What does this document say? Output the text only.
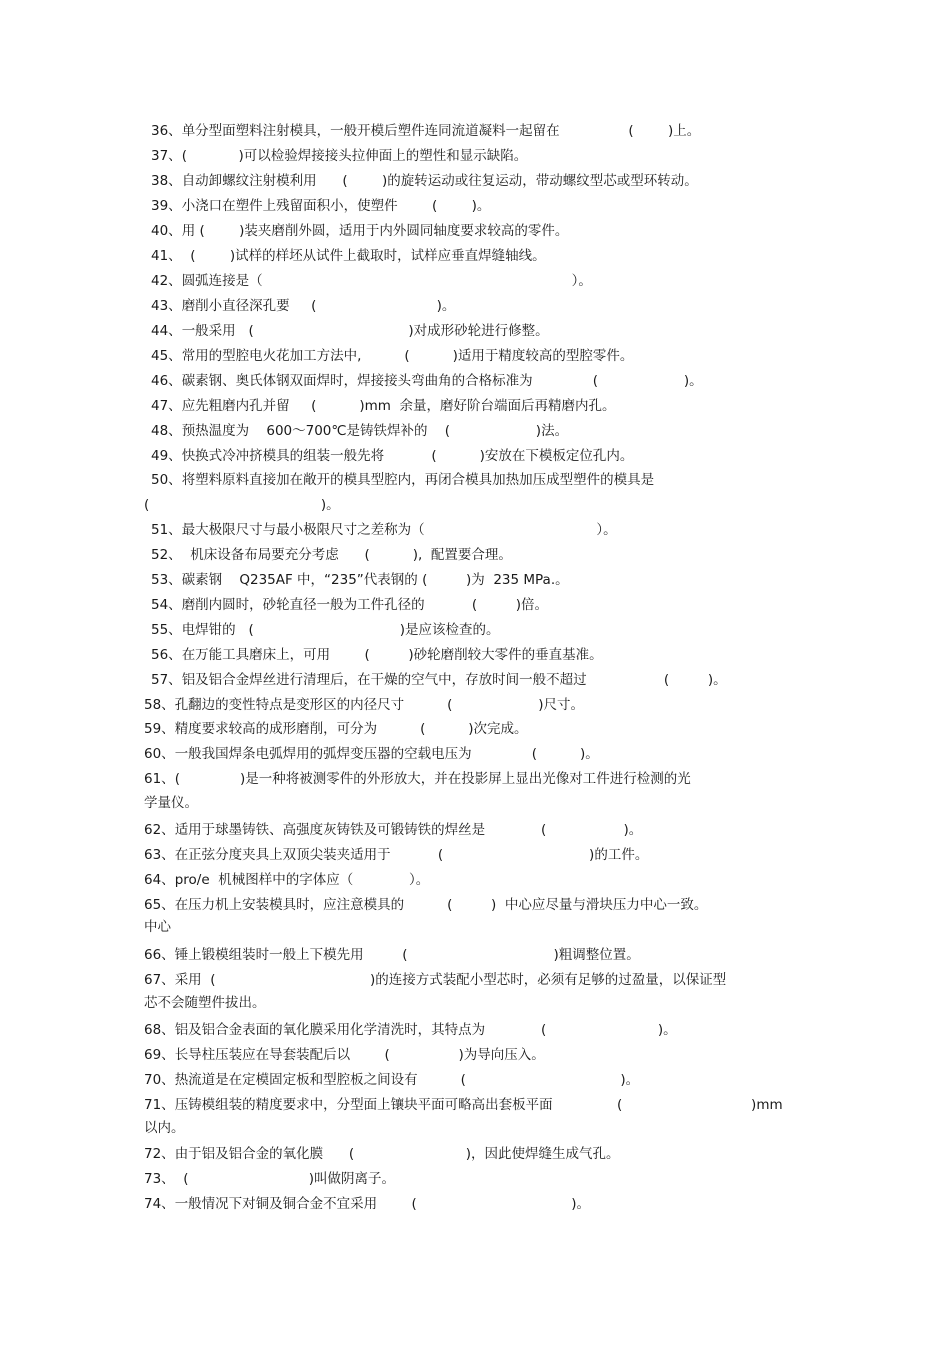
36、单分型面塑料注射模具，一般开模后塑件连同流道凝料一起留在                (        )上。
37、(            )可以检验焊接接头拉伸面上的塑性和显示缺陷。
38、自动卸螺纹注射模利用      (        )的旋转运动或往复运动，带动螺纹型芯或型环转动。
39、小浇口在塑件上残留面积小，使塑件        (        )。
40、用 (        )装夹磨削外圆，适用于内外圆同轴度要求较高的零件。
41、  (        )试样的样坯从试件上截取时，试样应垂直焊缝轴线。
42、圆弧连接是（                                                                        ）。
43、磨削小直径深孔要     (                            )。
44、一般采用   (                                    )对成形砂轮进行修整。
45、常用的型腔电火花加工方法中,          (          )适用于精度较高的型腔零件。
46、碳素钢、奥氏体钢双面焊时，焊接接头弯曲角的合格标准为              (                    )。
47、应先粗磨内孔并留     (          )mm  余量，磨好阶台端面后再精磨内孔。
48、预热温度为    600～700℃是铸铁焊补的    (                    )法。
49、快换式冷冲挤模具的组装一般先将           (          )安放在下模板定位孔内。
50、将塑料原料直接加在敞开的模具型腔内，再闭合模具加热加压成型塑件的模具是
(                                        )。
51、最大极限尺寸与最小极限尺寸之差称为（                                        ）。
52、  机床设备布局要充分考虑      (          ),  配置要合理。
53、碳素钢    Q235AF 中，“235”代表钢的 (         )为  235 MPa.。
54、磨削内圆时，砂轮直径一般为工件孔径的           (         )倍。
55、电焊钳的   (                                  )是应该检查的。
56、在万能工具磨床上，可用        (         )砂轮磨削较大零件的垂直基准。
57、铝及铝合金焊丝进行清理后，在干燥的空气中，存放时间一般不超过                  (         )。
58、孔翻边的变性特点是变形区的内径尺寸          (                    )尺寸。
59、精度要求较高的成形磨削，可分为          (          )次完成。
60、一般我国焊条电弧焊用的弧焊变压器的空载电压为              (          )。
61、(              )是一种将被测零件的外形放大，并在投影屏上显出光像对工件进行检测的光
学量仪。
62、适用于球墨铸铁、高强度灰铸铁及可锻铸铁的焊丝是             (                  )。
63、在正弦分度夹具上双顶尖装夹适用于           (                                  )的工件。
64、pro/e  机械图样中的字体应（             ）。
65、在压力机上安装模具时，应注意模具的          (         )  中心应尽量与滑块压力中心一致。
中心
66、锤上锻模组装时一般上下模先用         (                                  )粗调整位置。
67、采用  (                                    )的连接方式装配小型芯时，必须有足够的过盈量，以保证型
芯不会随塑件拔出。
68、铝及铝合金表面的氧化膜采用化学清洗时，其特点为             (                          )。
69、长导柱压装应在导套装配后以        (                )为导向压入。
70、热流道是在定模固定板和型腔板之间设有          (                                    )。
71、压铸模组装的精度要求中，分型面上镶块平面可略高出套板平面               (                              )mm
以内。
72、由于铝及铝合金的氧化膜      (                          )，因此使焊缝生成气孔。
73、  (                            )叫做阴离子。
74、一般情况下对铜及铜合金不宜采用        (                                    )。
